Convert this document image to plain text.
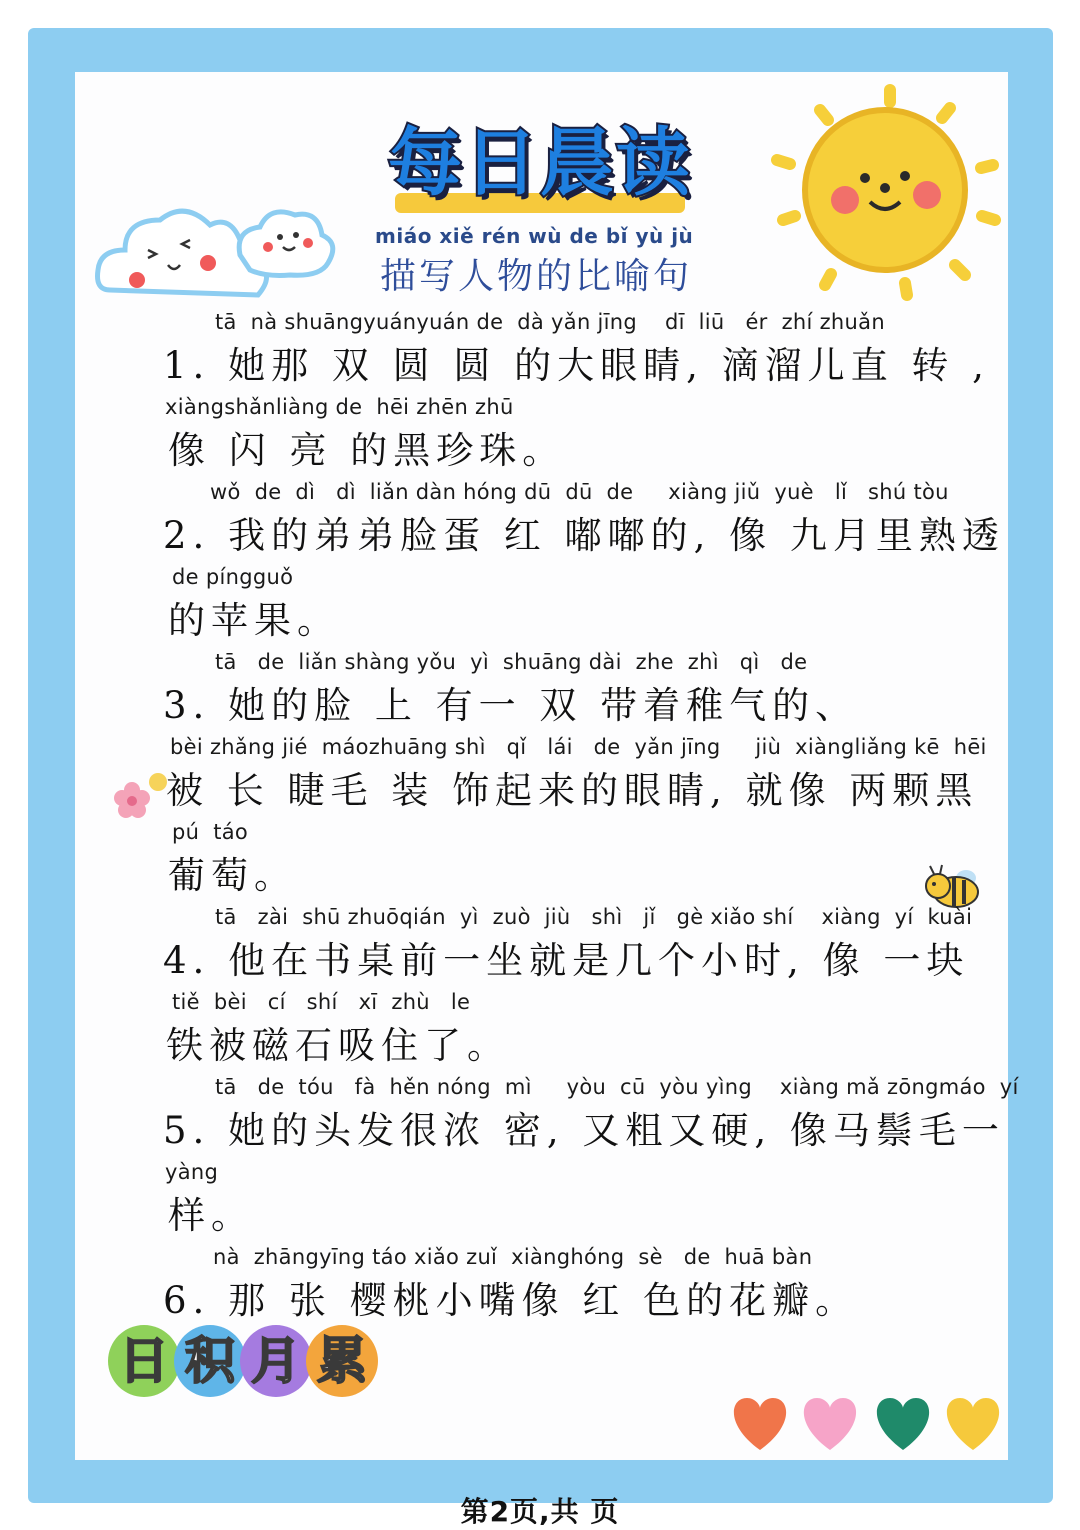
每日晨读
miáo xiě rén wù de bǐ yù jù
描写人物的比喻句
tā  nà shuāngyuányuán de  dà yǎn jīng    dī  liū   ér  zhí zhuǎn
1. 她那 双 圆 圆 的大眼睛, 滴溜儿直 转 ,
xiàngshǎnliàng de  hēi zhēn zhū
像 闪 亮 的黑珍珠。
wǒ  de  dì   dì  liǎn dàn hóng dū  dū  de     xiàng jiǔ  yuè   lǐ   shú tòu
2. 我的弟弟脸蛋 红 嘟嘟的, 像 九月里熟透
de píngguǒ
的苹果。
tā   de  liǎn shàng yǒu  yì  shuāng dài  zhe  zhì   qì   de
3. 她的脸 上 有一 双 带着稚气的、
bèi zhǎng jié  máozhuāng shì   qǐ   lái   de  yǎn jīng     jiù  xiàngliǎng kē  hēi
被 长 睫毛 装 饰起来的眼睛, 就像 两颗黑
pú  táo
葡萄。
tā   zài  shū zhuōqián  yì  zuò  jiù   shì   jǐ   gè xiǎo shí    xiàng  yí  kuài
4. 他在书桌前一坐就是几个小时, 像 一块
tiě  bèi   cí   shí   xī  zhù   le
铁被磁石吸住了。
tā   de  tóu   fà  hěn nóng  mì     yòu  cū  yòu yìng    xiàng mǎ zōngmáo  yí
5. 她的头发很浓 密, 又粗又硬, 像马鬃毛一
yàng
样。
nà  zhāngyīng táo xiǎo zuǐ  xiànghóng  sè   de  huā bàn
6. 那 张 樱桃小嘴像 红 色的花瓣。
日 积 月 累
第2页,共 页
